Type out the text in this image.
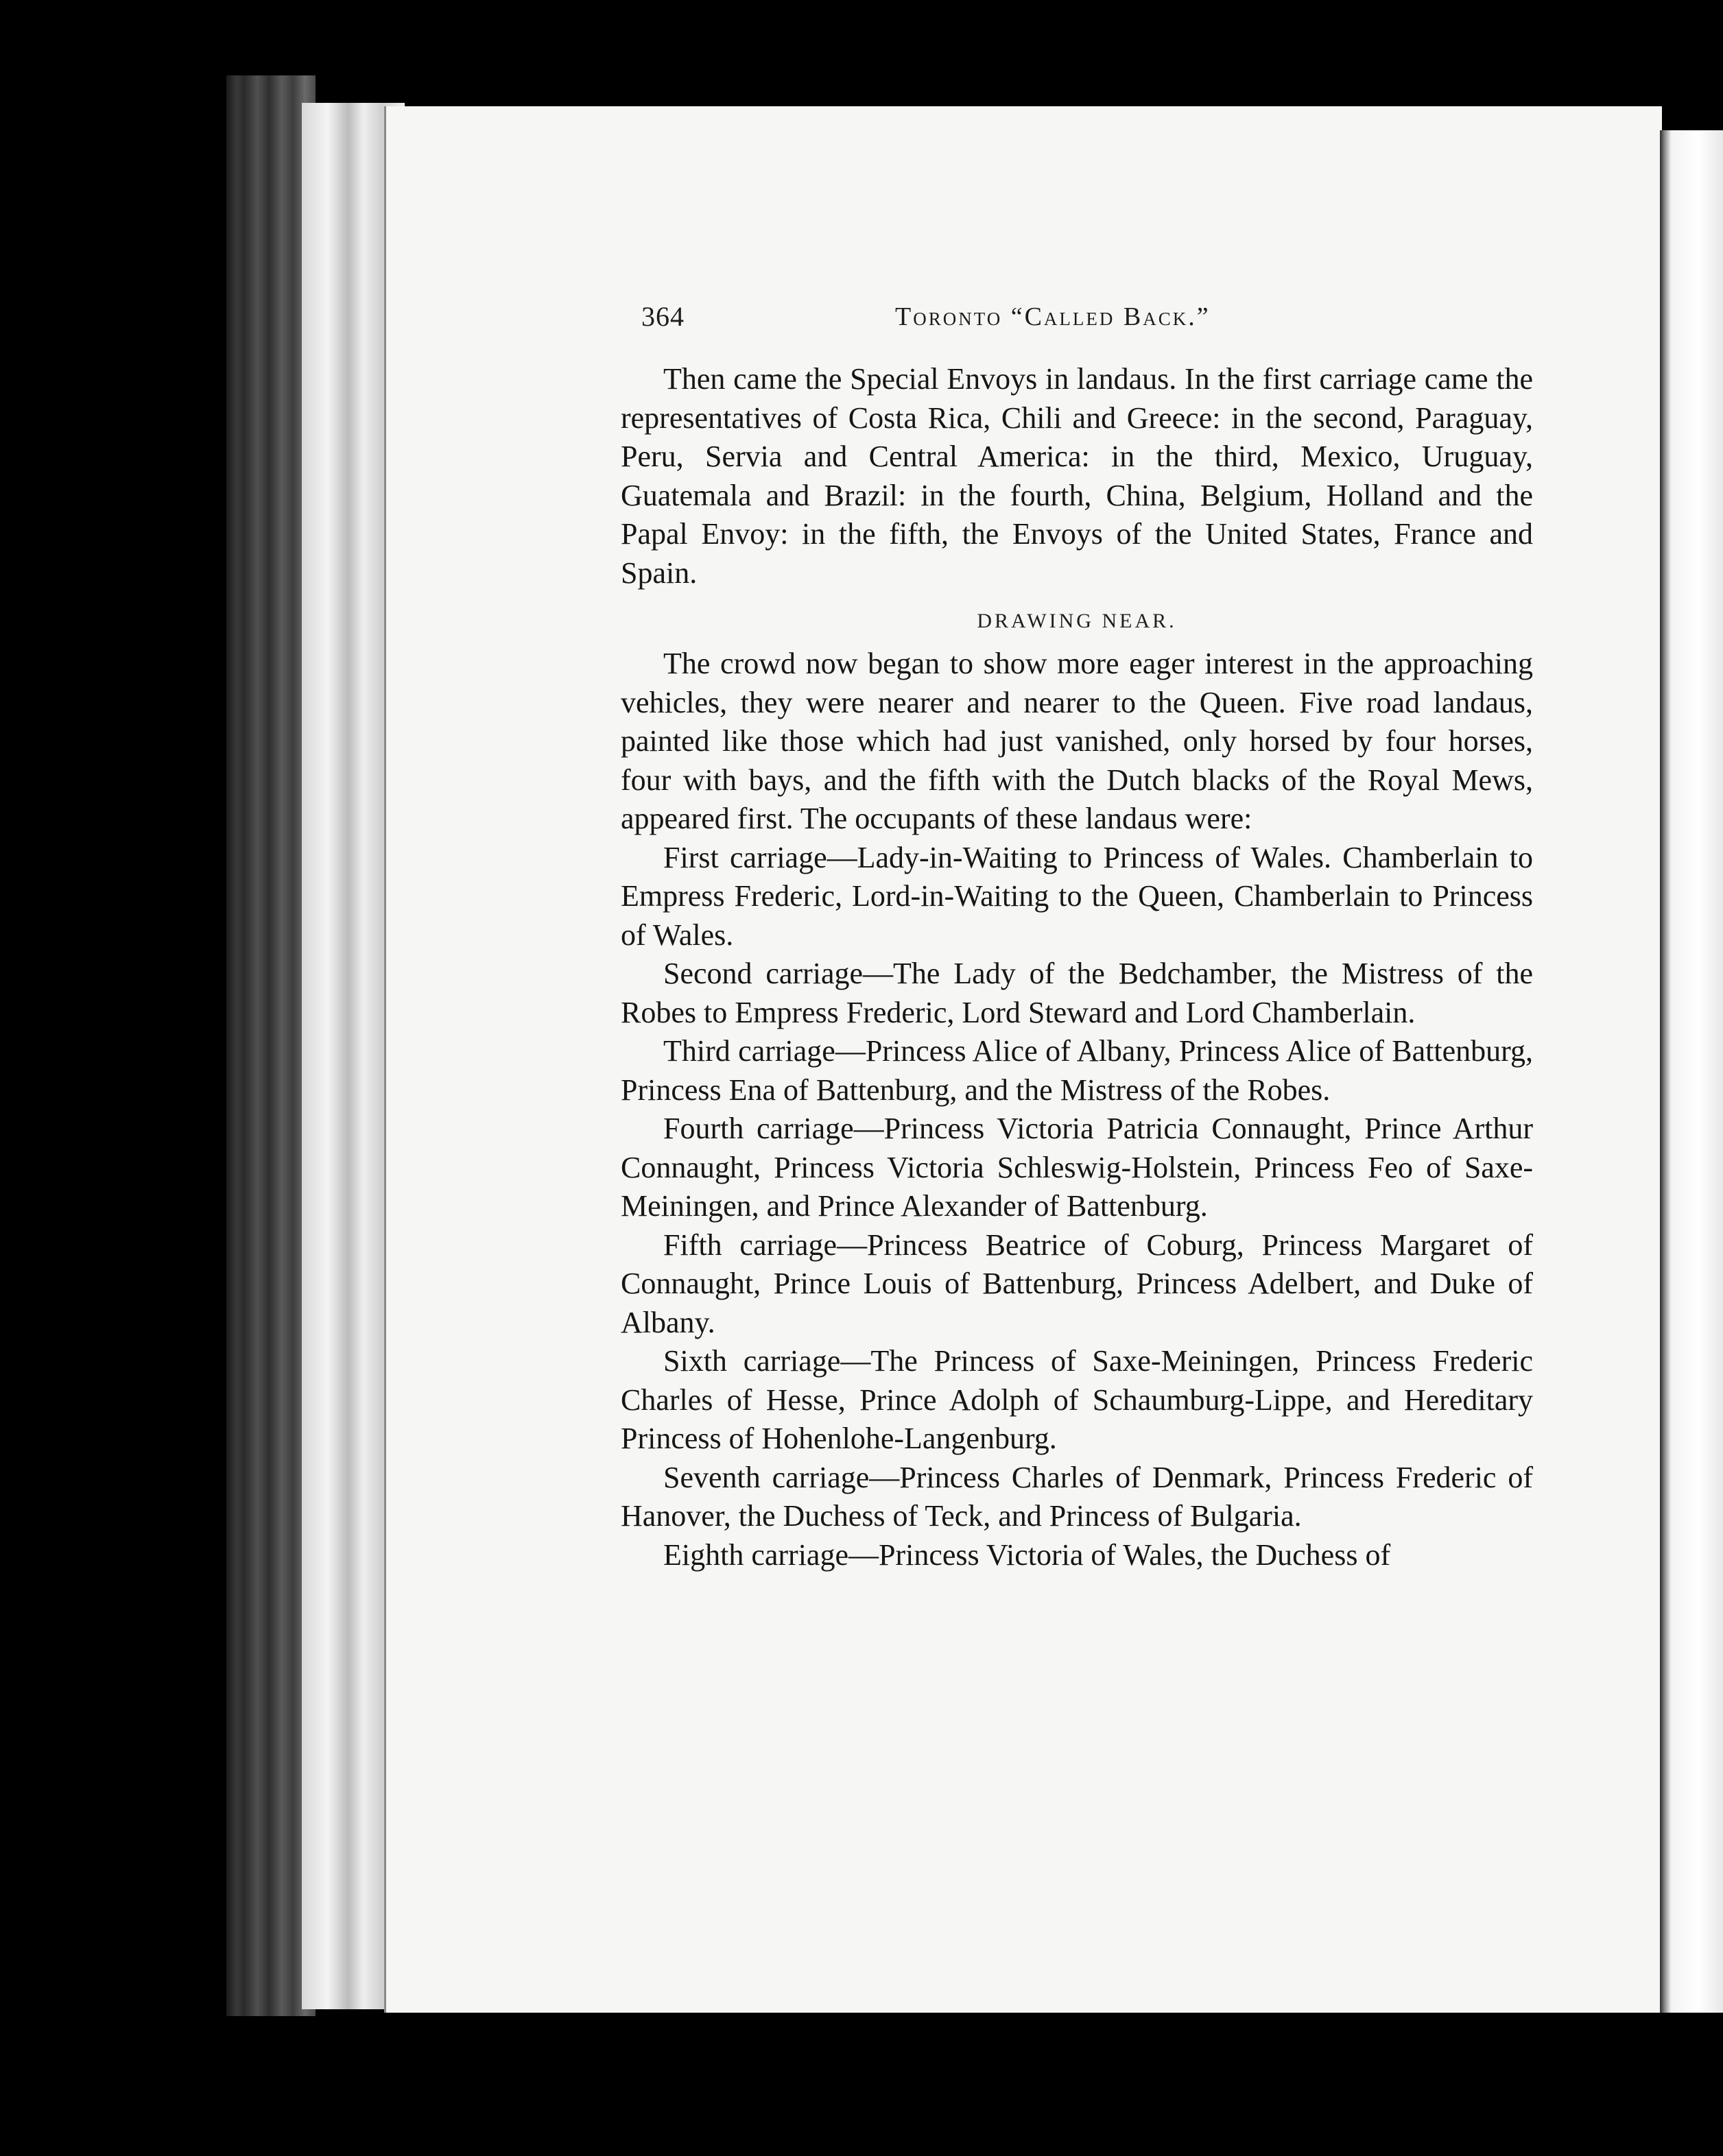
364	Toronto “Called Back.”

Then came the Special Envoys in landaus. In the first carriage came the representatives of Costa Rica, Chili and Greece: in the second, Paraguay, Peru, Servia and Central America: in the third, Mexico, Uruguay, Guatemala and Brazil: in the fourth, China, Belgium, Holland and the Papal Envoy: in the fifth, the Envoys of the United States, France and Spain.

DRAWING NEAR.

The crowd now began to show more eager interest in the approaching vehicles, they were nearer and nearer to the Queen. Five road landaus, painted like those which had just vanished, only horsed by four horses, four with bays, and the fifth with the Dutch blacks of the Royal Mews, appeared first. The occupants of these landaus were:

First carriage—Lady-in-Waiting to Princess of Wales. Chamberlain to Empress Frederic, Lord-in-Waiting to the Queen, Chamberlain to Princess of Wales.

Second carriage—The Lady of the Bedchamber, the Mistress of the Robes to Empress Frederic, Lord Steward and Lord Chamberlain.

Third carriage—Princess Alice of Albany, Princess Alice of Battenburg, Princess Ena of Battenburg, and the Mistress of the Robes.

Fourth carriage—Princess Victoria Patricia Connaught, Prince Arthur Connaught, Princess Victoria Schleswig-Holstein, Princess Feo of Saxe-Meiningen, and Prince Alexander of Battenburg.

Fifth carriage—Princess Beatrice of Coburg, Princess Margaret of Connaught, Prince Louis of Battenburg, Princess Adelbert, and Duke of Albany.

Sixth carriage—The Princess of Saxe-Meiningen, Princess Frederic Charles of Hesse, Prince Adolph of Schaumburg-Lippe, and Hereditary Princess of Hohenlohe-Langenburg.

Seventh carriage—Princess Charles of Denmark, Princess Frederic of Hanover, the Duchess of Teck, and Princess of Bulgaria.

Eighth carriage—Princess Victoria of Wales, the Duchess of
